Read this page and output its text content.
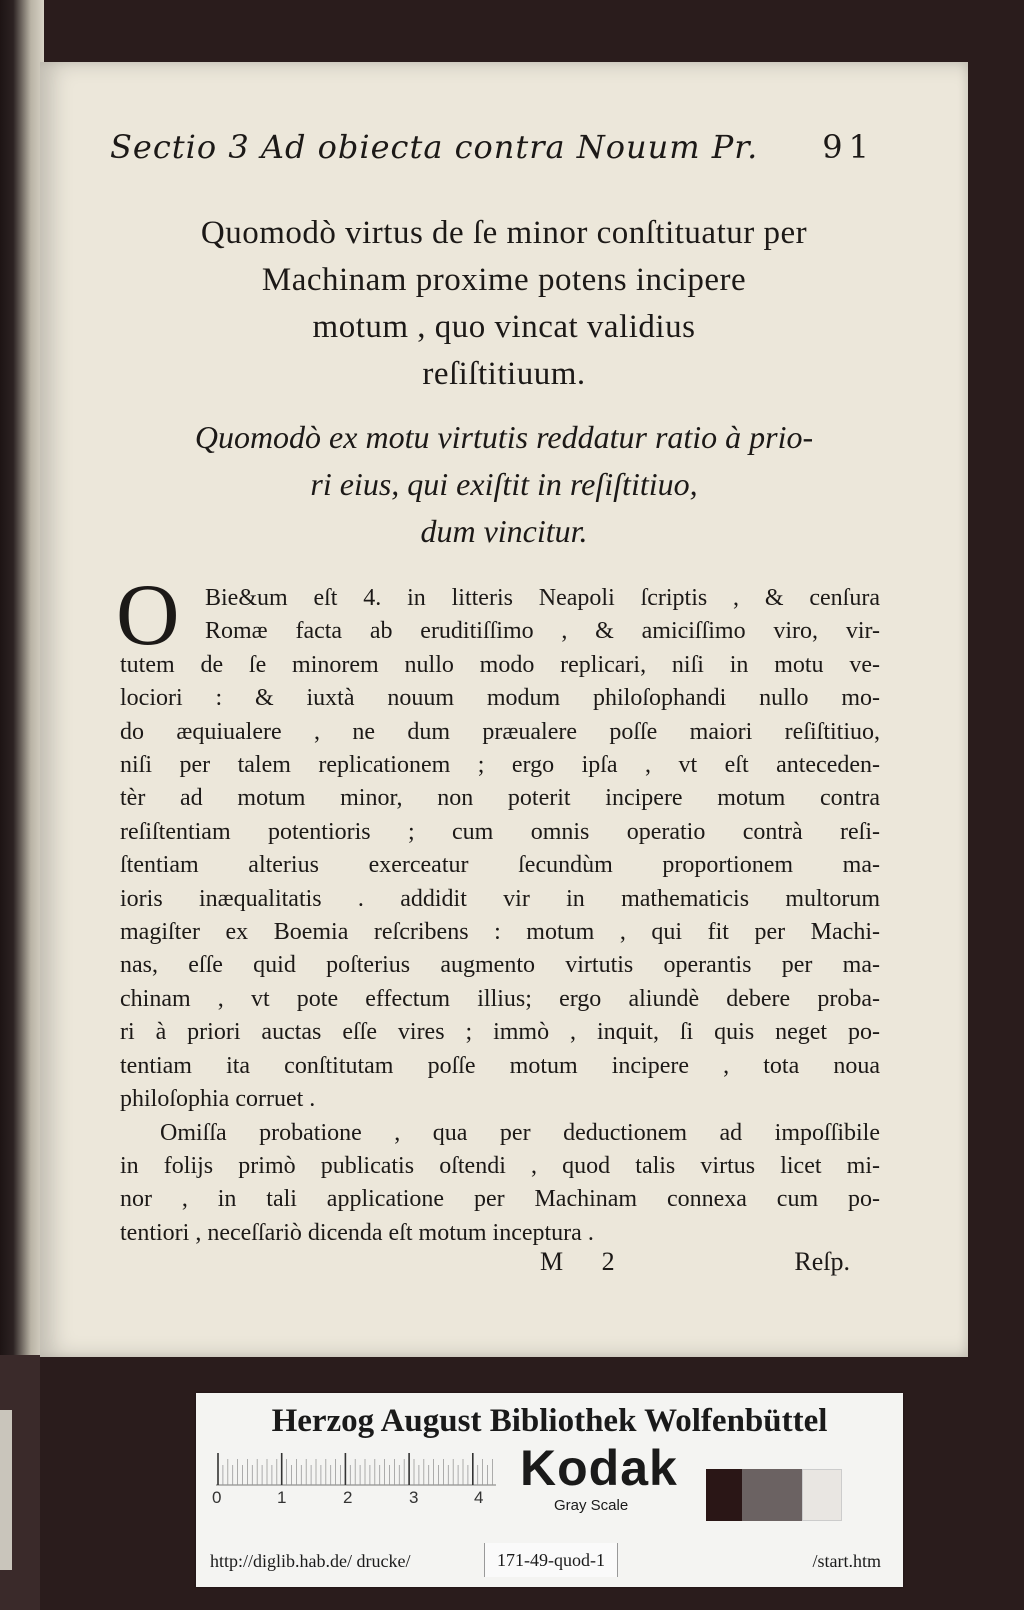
Sectio 3 Ad obiecta contra Nouum Pr. 91
Quomodò virtus de ſe minor conſtituatur per
Machinam proxime potens incipere
motum , quo vincat validius
reſiſtitiuum.
Quomodò ex motu virtutis reddatur ratio à prio-
ri eius, qui exiſtit in reſiſtitiuo,
dum vincitur.
O	Bie&um eſt 4. in litteris Neapoli ſcriptis , & cenſura
Romæ facta ab eruditiſſimo , & amiciſſimo viro, vir-
tutem de ſe minorem nullo modo replicari, niſi in motu ve-
lociori : & iuxtà nouum modum philoſophandi nullo mo-
do æquiualere , ne dum præualere poſſe maiori reſiſtitiuo,
niſi per talem replicationem ; ergo ipſa , vt eſt anteceden-
tèr ad motum minor, non poterit incipere motum contra
reſiſtentiam potentioris ; cum omnis operatio contrà reſi-
ſtentiam alterius exerceatur ſecundùm proportionem ma-
ioris inæqualitatis . addidit vir in mathematicis multorum
magiſter ex Boemia reſcribens : motum , qui fit per Machi-
nas, eſſe quid poſterius augmento virtutis operantis per ma-
chinam , vt pote effectum illius; ergo aliundè debere proba-
ri à priori auctas eſſe vires ; immò , inquit, ſi quis neget po-
tentiam ita conſtitutam poſſe motum incipere , tota noua
philoſophia corruet .
Omiſſa probatione , qua per deductionem ad impoſſibile
in folijs primò publicatis oſtendi , quod talis virtus licet mi-
nor , in tali applicatione per Machinam connexa cum po-
tentiori , neceſſariò dicenda eſt motum inceptura .
M 2	Reſp.
Herzog August Bibliothek Wolfenbüttel
0	1	2	3	4
Kodak
Gray Scale
http://diglib.hab.de/ drucke/	171-49-quod-1	/start.htm
